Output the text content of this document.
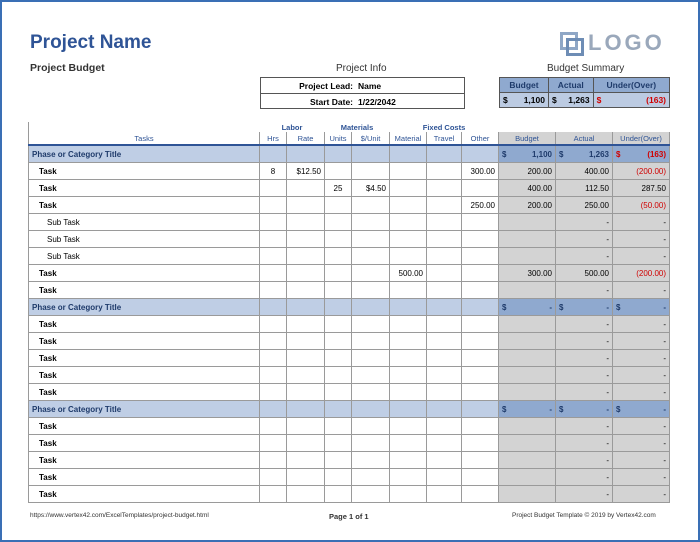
Project Name
Project Budget
LOGO
Project Info
Project Lead: Name
Start Date: 1/22/2042
Budget Summary
Budget	Actual	Under(Over)

$ 1,100	$ 1,263	$ (163)
	Labor		Materials		Fixed Costs					
Tasks	Hrs	Rate	Units	$/Unit	Material	Travel	Other	Budget	Actual	Under(Over)
Phase or Category Title								$ 1,100	$ 1,263	$ (163)

Task	8	$12.50					300.00	200.00	400.00	(200.00)
Task			25	$4.50				400.00	112.50	287.50
Task							250.00	200.00	250.00	(50.00)
Sub Task									-	-
Sub Task									-	-
Sub Task									-	-
Task					500.00			300.00	500.00	(200.00)
Task									-	-
Phase or Category Title								$ -	$ -	$ -

Task									-	-
Task									-	-
Task									-	-
Task									-	-
Task									-	-
Phase or Category Title								$ -	$ -	$ -

Task									-	-
Task									-	-
Task									-	-
Task									-	-
Task									-	-
https://www.vertex42.com/ExcelTemplates/project-budget.html	Page 1 of 1	Project Budget Template © 2019 by Vertex42.com
